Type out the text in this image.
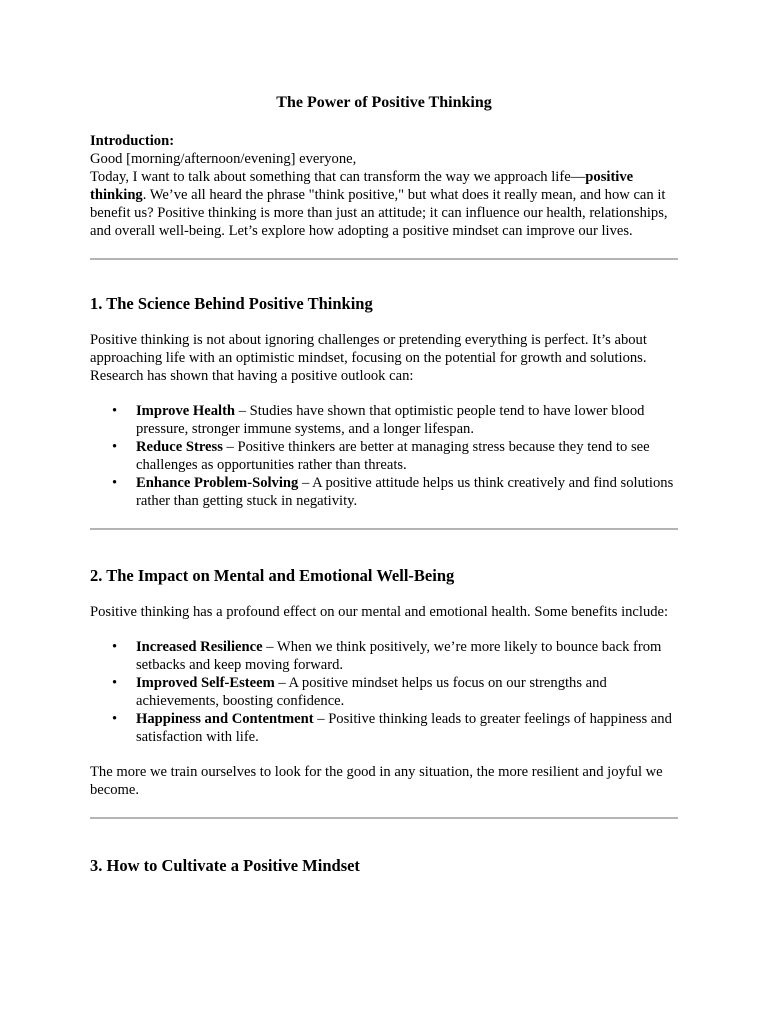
The Power of Positive Thinking
Introduction:
Good [morning/afternoon/evening] everyone,
Today, I want to talk about something that can transform the way we approach life—positive thinking. We’ve all heard the phrase "think positive," but what does it really mean, and how can it benefit us? Positive thinking is more than just an attitude; it can influence our health, relationships, and overall well-being. Let’s explore how adopting a positive mindset can improve our lives.
1. The Science Behind Positive Thinking
Positive thinking is not about ignoring challenges or pretending everything is perfect. It’s about approaching life with an optimistic mindset, focusing on the potential for growth and solutions. Research has shown that having a positive outlook can:
• Improve Health – Studies have shown that optimistic people tend to have lower blood pressure, stronger immune systems, and a longer lifespan.
• Reduce Stress – Positive thinkers are better at managing stress because they tend to see challenges as opportunities rather than threats.
• Enhance Problem-Solving – A positive attitude helps us think creatively and find solutions rather than getting stuck in negativity.
2. The Impact on Mental and Emotional Well-Being
Positive thinking has a profound effect on our mental and emotional health. Some benefits include:
• Increased Resilience – When we think positively, we’re more likely to bounce back from setbacks and keep moving forward.
• Improved Self-Esteem – A positive mindset helps us focus on our strengths and achievements, boosting confidence.
• Happiness and Contentment – Positive thinking leads to greater feelings of happiness and satisfaction with life.
The more we train ourselves to look for the good in any situation, the more resilient and joyful we become.
3. How to Cultivate a Positive Mindset
